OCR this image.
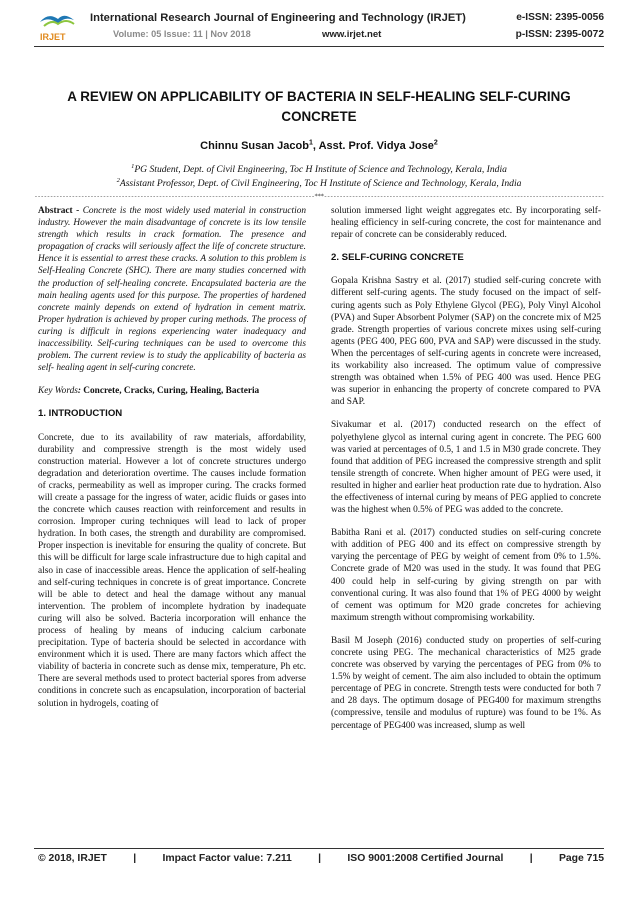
IRJET
International Research Journal of Engineering and Technology (IRJET)	e-ISSN: 2395-0056
Volume: 05 Issue: 11 | Nov 2018	www.irjet.net	p-ISSN: 2395-0072
A REVIEW ON APPLICABILITY OF BACTERIA IN SELF-HEALING SELF-CURING CONCRETE
Chinnu Susan Jacob$^1$, Asst. Prof. Vidya Jose$^2$
$^1$PG Student, Dept. of Civil Engineering, Toc H Institute of Science and Technology, Kerala, India
$^2$Assistant Professor, Dept. of Civil Engineering, Toc H Institute of Science and Technology, Kerala, India
------------------------------------------------------------------------------------------***------------------------------------------------------------------------------------------

Abstract - Concrete is the most widely used material in construction industry. However the main disadvantage of concrete is its low tensile strength which results in crack formation. The presence and propagation of cracks will seriously affect the life of concrete structure. Hence it is essential to arrest these cracks. A solution to this problem is Self-Healing Concrete (SHC). There are many studies concerned with the production of self-healing concrete. Encapsulated bacteria are the main healing agents used for this purpose. The properties of hardened concrete mainly depends on extend of hydration in cement matrix. Proper hydration is achieved by proper curing methods. The process of curing is difficult in regions experiencing water inadequacy and inaccessibility. Self-curing techniques can be used to overcome this problem. The current review is to study the applicability of bacteria as self- healing agent in self-curing concrete.

Key Words: Concrete, Cracks, Curing, Healing, Bacteria

1. INTRODUCTION

Concrete, due to its availability of raw materials, affordability, durability and compressive strength is the most widely used construction material. However a lot of concrete structures undergo degradation and deterioration overtime. The causes include formation of cracks, permeability as well as improper curing. The cracks formed will create a passage for the ingress of water, acidic fluids or gases into the concrete which causes reaction with reinforcement and results in corrosion. Improper curing techniques will lead to lack of proper hydration. In both cases, the strength and durability are compromised. Proper inspection is inevitable for ensuring the quality of concrete. But this will be difficult for large scale infrastructure due to high capital and also in case of inaccessible areas. Hence the application of self-healing and self-curing techniques in concrete is of great importance. Concrete will be able to detect and heal the damage without any manual intervention. The problem of incomplete hydration by inadequate curing will also be solved. Bacteria incorporation will enhance the process of healing by means of inducing calcium carbonate precipitation. Type of bacteria should be selected in accordance with environment which it is used. There are many factors which affect the viability of bacteria in concrete such as dense mix, temperature, Ph etc. There are several methods used to protect bacterial spores from adverse conditions in concrete such as encapsulation, incorporation of bacterial solution in hydrogels, coating of

solution immersed light weight aggregates etc. By incorporating self-healing efficiency in self-curing concrete, the cost for maintenance and repair of concrete can be considerably reduced.

2. SELF-CURING CONCRETE

Gopala Krishna Sastry et al. (2017) studied self-curing concrete with different self-curing agents. The study focused on the impact of self- curing agents such as Poly Ethylene Glycol (PEG), Poly Vinyl Alcohol (PVA) and Super Absorbent Polymer (SAP) on the concrete mix of M25 grade. Strength properties of various concrete mixes using self-curing agents (PEG 400, PEG 600, PVA and SAP) were discussed in the study. When the percentages of self-curing agents in concrete were increased, its workability also increased. The optimum value of compressive strength was obtained when 1.5% of PEG 400 was used. Hence PEG was superior in enhancing the property of concrete compared to PVA and SAP.

Sivakumar et al. (2017) conducted research on the effect of polyethylene glycol as internal curing agent in concrete. The PEG 600 was varied at percentages of 0.5, 1 and 1.5 in M30 grade concrete. They found that addition of PEG increased the compressive strength and split tensile strength of concrete. When higher amount of PEG were used, it resulted in higher and earlier heat production rate due to hydration. Also the effectiveness of internal curing by means of PEG applied to concrete was the highest when 0.5% of PEG was added to the concrete.

Babitha Rani et al. (2017) conducted studies on self-curing concrete with addition of PEG 400 and its effect on compressive strength by varying the percentage of PEG by weight of cement from 0% to 1.5%. Concrete grade of M20 was used in the study. It was found that PEG 400 could help in self-curing by giving strength on par with conventional curing. It was also found that 1% of PEG 4000 by weight of cement was optimum for M20 grade concretes for achieving maximum strength without compromising workability.

Basil M Joseph (2016) conducted study on properties of self-curing concrete using PEG. The mechanical characteristics of M25 grade concrete was observed by varying the percentages of PEG from 0% to 1.5% by weight of cement. The aim also included to obtain the optimum percentage of PEG in concrete. Strength tests were conducted for both 7 and 28 days. The optimum dosage of PEG400 for maximum strengths (compressive, tensile and modulus of rupture) was found to be 1%. As percentage of PEG400 was increased, slump as well

© 2018, IRJET	|	Impact Factor value: 7.211	|	ISO 9001:2008 Certified Journal	|	Page 715
